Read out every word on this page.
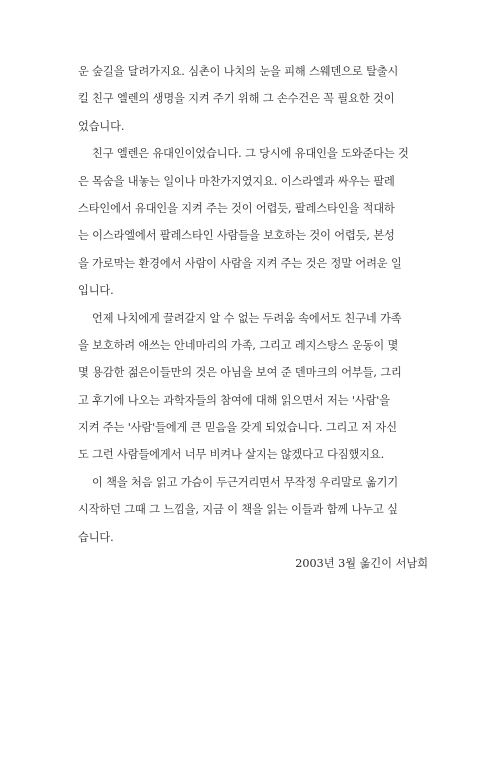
운 숲길을 달려가지요. 심촌이 나치의 눈을 피해 스웨덴으로 탈출시
킬 친구 엘렌의 생명을 지켜 주기 위해 그 손수건은 꼭 필요한 것이
었습니다.
친구 엘렌은 유대인이었습니다. 그 당시에 유대인을 도와준다는 것
은 목숨을 내놓는 일이나 마찬가지였지요. 이스라엘과 싸우는 팔레
스타인에서 유대인을 지켜 주는 것이 어렵듯, 팔레스타인을 적대하
는 이스라엘에서 팔레스타인 사람들을 보호하는 것이 어렵듯, 본성
을 가로막는 환경에서 사람이 사람을 지켜 주는 것은 정말 어려운 일
입니다.
언제 나치에게 끌려갈지 알 수 없는 두려움 속에서도 친구네 가족
을 보호하려 애쓰는 안네마리의 가족, 그리고 레지스탕스 운동이 몇
몇 용감한 젊은이들만의 것은 아님을 보여 준 덴마크의 어부들, 그리
고 후기에 나오는 과학자들의 참여에 대해 읽으면서 저는 '사람'을
지켜 주는 '사람'들에게 큰 믿음을 갖게 되었습니다. 그리고 저 자신
도 그런 사람들에게서 너무 비켜나 살지는 않겠다고 다짐했지요.
이 책을 처음 읽고 가슴이 두근거리면서 무작정 우리말로 옮기기
시작하던 그때 그 느낌을, 지금 이 책을 읽는 이들과 함께 나누고 싶
습니다.
2003년 3월 옮긴이 서남희
